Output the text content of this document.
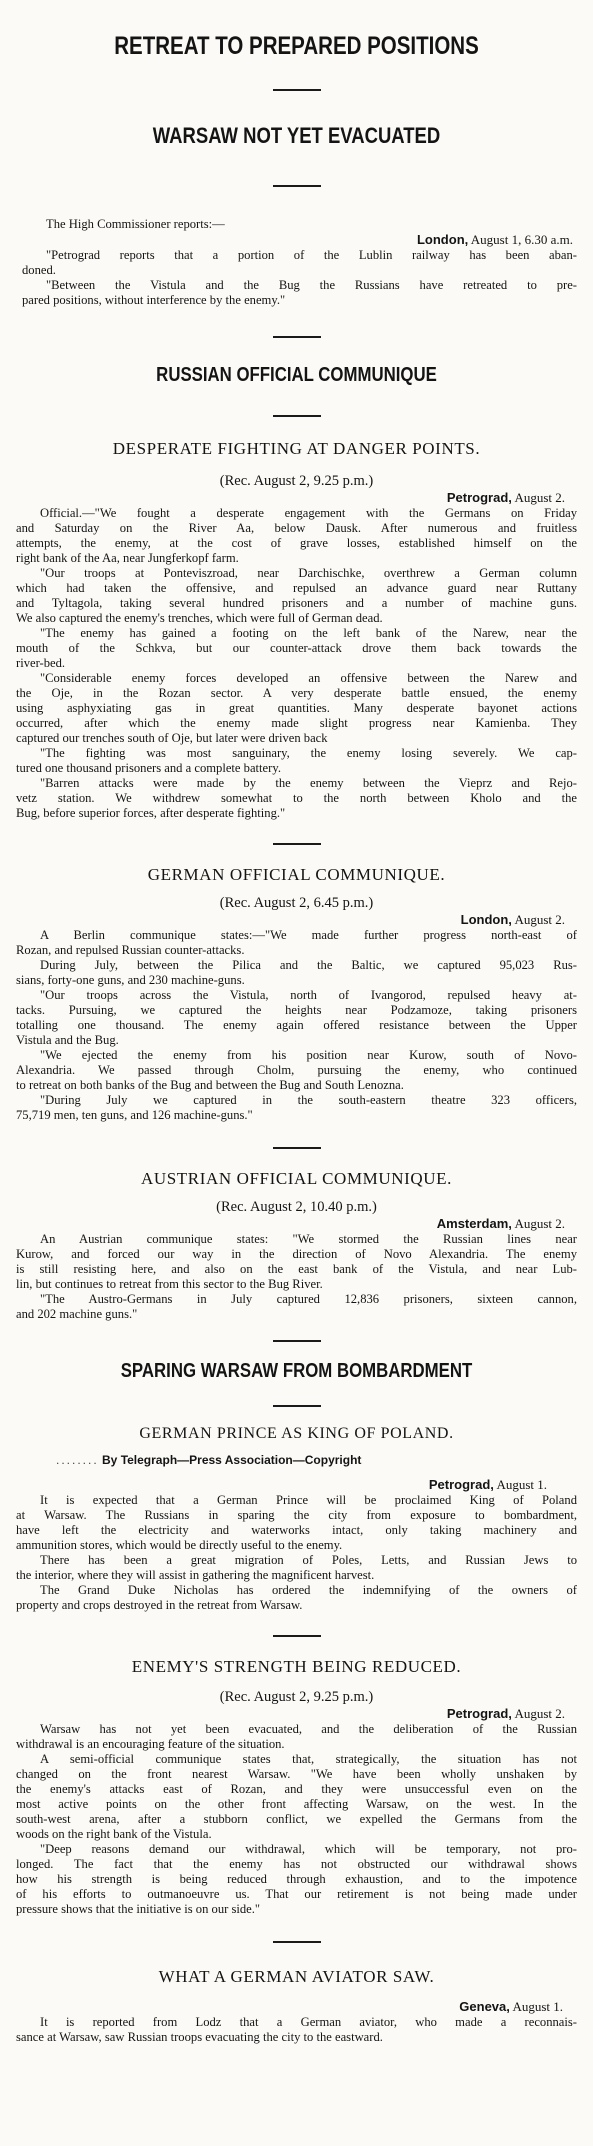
RETREAT TO PREPARED POSITIONS
WARSAW NOT YET EVACUATED

The High Commissioner reports:—

London, August 1, 6.30 a.m.

"Petrograd reports that a portion of the Lublin railway has been aban-

doned.

"Between the Vistula and the Bug the Russians have retreated to pre-

pared positions, without interference by the enemy."

RUSSIAN OFFICIAL COMMUNIQUE

DESPERATE FIGHTING AT DANGER POINTS.

(Rec. August 2, 9.25 p.m.)

Petrograd, August 2.

Official.—"We fought a desperate engagement with the Germans on Friday

and Saturday on the River Aa, below Dausk. After numerous and fruitless

attempts, the enemy, at the cost of grave losses, established himself on the

right bank of the Aa, near Jungferkopf farm.

"Our troops at Ponteviszroad, near Darchischke, overthrew a German column

which had taken the offensive, and repulsed an advance guard near Ruttany

and Tyltagola, taking several hundred prisoners and a number of machine guns.

We also captured the enemy's trenches, which were full of German dead.

"The enemy has gained a footing on the left bank of the Narew, near the

mouth of the Schkva, but our counter-attack drove them back towards the

river-bed.

"Considerable enemy forces developed an offensive between the Narew and

the Oje, in the Rozan sector. A very desperate battle ensued, the enemy

using asphyxiating gas in great quantities. Many desperate bayonet actions

occurred, after which the enemy made slight progress near Kamienba. They

captured our trenches south of Oje, but later were driven back

"The fighting was most sanguinary, the enemy losing severely. We cap-

tured one thousand prisoners and a complete battery.

"Barren attacks were made by the enemy between the Vieprz and Rejo-

vetz station. We withdrew somewhat to the north between Kholo and the

Bug, before superior forces, after desperate fighting."

GERMAN OFFICIAL COMMUNIQUE.

(Rec. August 2, 6.45 p.m.)

London, August 2.

A Berlin communique states:—"We made further progress north-east of

Rozan, and repulsed Russian counter-attacks.

During July, between the Pilica and the Baltic, we captured 95,023 Rus-

sians, forty-one guns, and 230 machine-guns.

"Our troops across the Vistula, north of Ivangorod, repulsed heavy at-

tacks. Pursuing, we captured the heights near Podzamoze, taking prisoners

totalling one thousand. The enemy again offered resistance between the Upper

Vistula and the Bug.

"We ejected the enemy from his position near Kurow, south of Novo-

Alexandria. We passed through Cholm, pursuing the enemy, who continued

to retreat on both banks of the Bug and between the Bug and South Lenozna.

"During July we captured in the south-eastern theatre 323 officers,

75,719 men, ten guns, and 126 machine-guns."

AUSTRIAN OFFICIAL COMMUNIQUE.

(Rec. August 2, 10.40 p.m.)

Amsterdam, August 2.

An Austrian communique states: "We stormed the Russian lines near

Kurow, and forced our way in the direction of Novo Alexandria. The enemy

is still resisting here, and also on the east bank of the Vistula, and near Lub-

lin, but continues to retreat from this sector to the Bug River.

"The Austro-Germans in July captured 12,836 prisoners, sixteen cannon,

and 202 machine guns."

SPARING WARSAW FROM BOMBARDMENT

GERMAN PRINCE AS KING OF POLAND.

........ By Telegraph—Press Association—Copyright

Petrograd, August 1.

It is expected that a German Prince will be proclaimed King of Poland

at Warsaw. The Russians in sparing the city from exposure to bombardment,

have left the electricity and waterworks intact, only taking machinery and

ammunition stores, which would be directly useful to the enemy.

There has been a great migration of Poles, Letts, and Russian Jews to

the interior, where they will assist in gathering the magnificent harvest.

The Grand Duke Nicholas has ordered the indemnifying of the owners of

property and crops destroyed in the retreat from Warsaw.

ENEMY'S STRENGTH BEING REDUCED.

(Rec. August 2, 9.25 p.m.)

Petrograd, August 2.

Warsaw has not yet been evacuated, and the deliberation of the Russian

withdrawal is an encouraging feature of the situation.

A semi-official communique states that, strategically, the situation has not

changed on the front nearest Warsaw. "We have been wholly unshaken by

the enemy's attacks east of Rozan, and they were unsuccessful even on the

most active points on the other front affecting Warsaw, on the west. In the

south-west arena, after a stubborn conflict, we expelled the Germans from the

woods on the right bank of the Vistula.

"Deep reasons demand our withdrawal, which will be temporary, not pro-

longed. The fact that the enemy has not obstructed our withdrawal shows

how his strength is being reduced through exhaustion, and to the impotence

of his efforts to outmanoeuvre us. That our retirement is not being made under

pressure shows that the initiative is on our side."

WHAT A GERMAN AVIATOR SAW.

Geneva, August 1.

It is reported from Lodz that a German aviator, who made a reconnais-

sance at Warsaw, saw Russian troops evacuating the city to the eastward.
